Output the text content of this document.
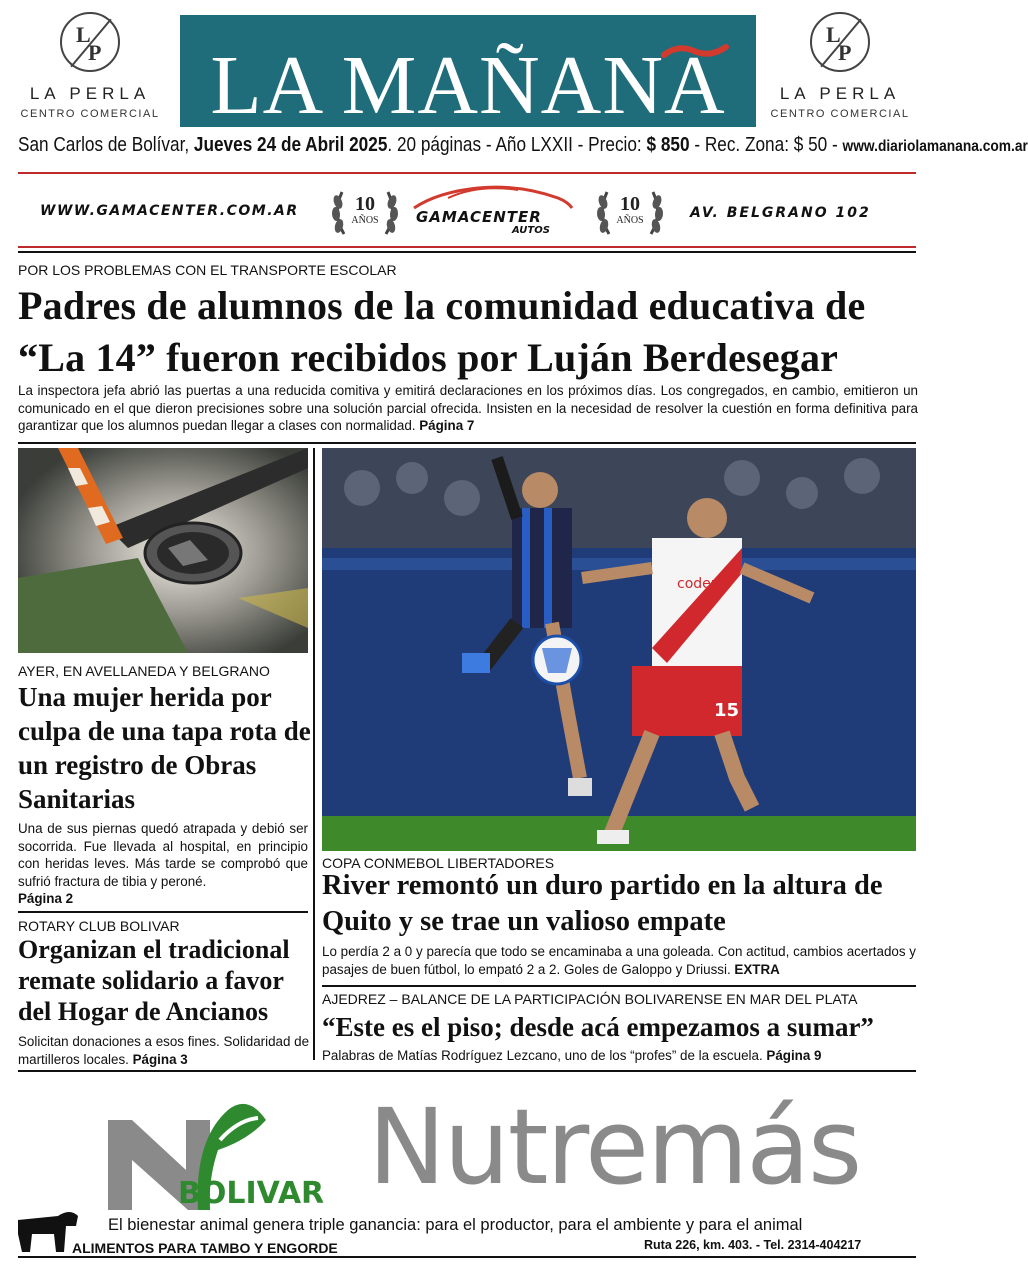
L
P
LA PERLA
CENTRO COMERCIAL LA MAÑANA
L
P
LA PERLA
CENTRO COMERCIAL
San Carlos de Bolívar, Jueves 24 de Abril 2025. 20 páginas - Año LXXII - Precio: $ 850 - Rec. Zona: $ 50 - www.diariolamanana.com.ar
WWW.GAMACENTER.COM.AR	10
AÑOS	GAMACENTER
AUTOS
10
AÑOS	AV. BELGRANO 102
POR LOS PROBLEMAS CON EL TRANSPORTE ESCOLAR
Padres de alumnos de la comunidad educativa de “La 14” fueron recibidos por Luján Berdesegar
La inspectora jefa abrió las puertas a una reducida comitiva y emitirá declaraciones en los próximos días. Los congregados, en cambio, emitieron un comunicado en el que dieron precisiones sobre una solución parcial ofrecida. Insisten en la necesidad de resolver la cuestión en forma definitiva para garantizar que los alumnos puedan llegar a clases con normalidad. Página 7
codere
15
AYER, EN AVELLANEDA Y BELGRANO
Una mujer herida por culpa de una tapa rota de un registro de Obras Sanitarias
Una de sus piernas quedó atrapada y debió ser socorrida. Fue llevada al hospital, en principio con heridas leves. Más tarde se comprobó que sufrió fractura de tibia y peroné.
Página 2
ROTARY CLUB BOLIVAR
Organizan el tradicional remate solidario a favor del Hogar de Ancianos
Solicitan donaciones a esos fines. Solidaridad de martilleros locales. Página 3
COPA CONMEBOL LIBERTADORES
River remontó un duro partido en la altura de Quito y se trae un valioso empate
Lo perdía 2 a 0 y parecía que todo se encaminaba a una goleada. Con actitud, cambios acertados y pasajes de buen fútbol, lo empató 2 a 2. Goles de Galoppo y Driussi. EXTRA
AJEDREZ – BALANCE DE LA PARTICIPACIÓN BOLIVARENSE EN MAR DEL PLATA
“Este es el piso; desde acá empezamos a sumar”
Palabras de Matías Rodríguez Lezcano, uno de los “profes” de la escuela. Página 9
BOLIVAR Nutremás
El bienestar animal genera triple ganancia: para el productor, para el ambiente y para el animal
ALIMENTOS PARA TAMBO Y ENGORDE	Ruta 226, km. 403. - Tel. 2314-404217
